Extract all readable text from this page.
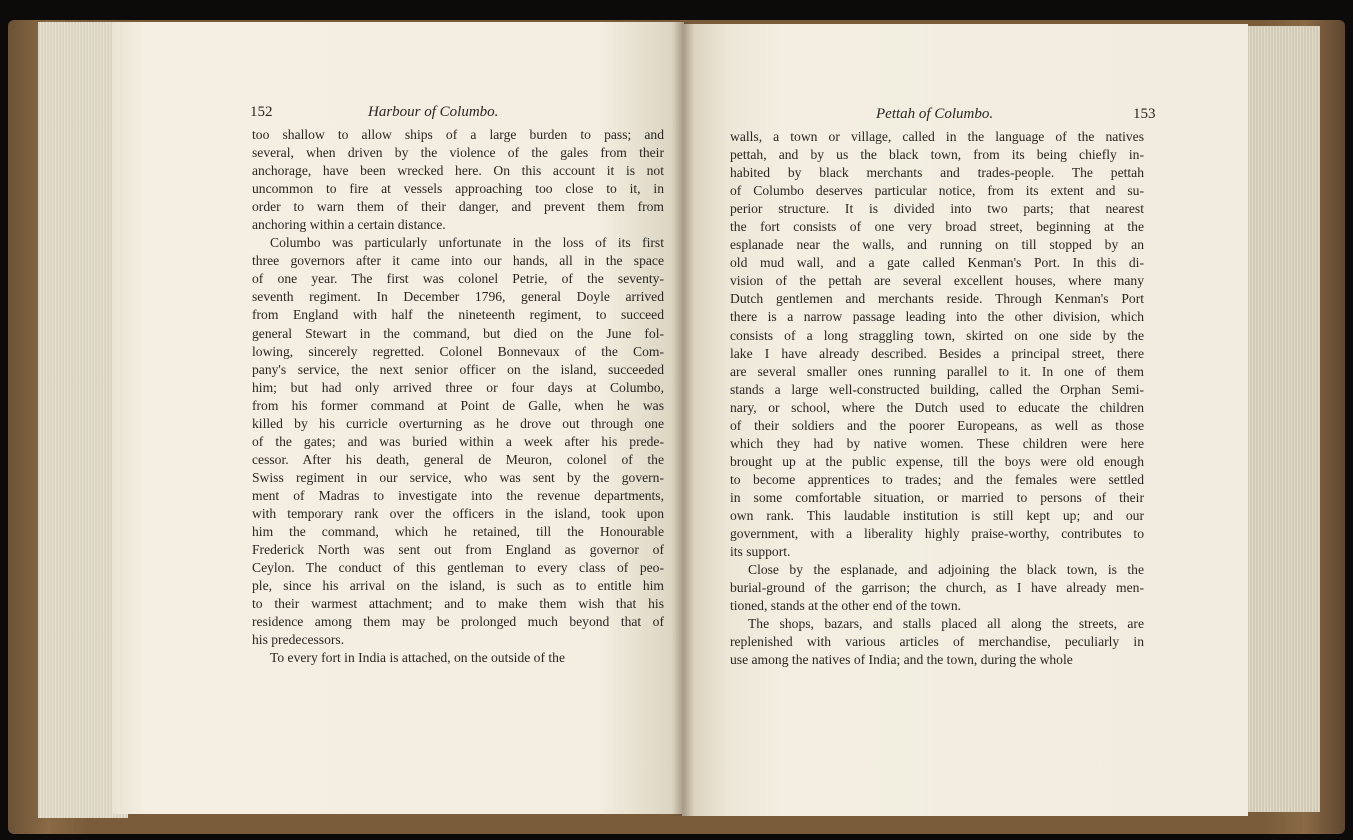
152	Harbour of Columbo.
too shallow to allow ships of a large burden to pass; and
several, when driven by the violence of the gales from their
anchorage, have been wrecked here. On this account it is not
uncommon to fire at vessels approaching too close to it, in
order to warn them of their danger, and prevent them from
anchoring within a certain distance.
Columbo was particularly unfortunate in the loss of its first
three governors after it came into our hands, all in the space
of one year. The first was colonel Petrie, of the seventy-
seventh regiment. In December 1796, general Doyle arrived
from England with half the nineteenth regiment, to succeed
general Stewart in the command, but died on the June fol-
lowing, sincerely regretted. Colonel Bonnevaux of the Com-
pany's service, the next senior officer on the island, succeeded
him; but had only arrived three or four days at Columbo,
from his former command at Point de Galle, when he was
killed by his curricle overturning as he drove out through one
of the gates; and was buried within a week after his prede-
cessor. After his death, general de Meuron, colonel of the
Swiss regiment in our service, who was sent by the govern-
ment of Madras to investigate into the revenue departments,
with temporary rank over the officers in the island, took upon
him the command, which he retained, till the Honourable
Frederick North was sent out from England as governor of
Ceylon. The conduct of this gentleman to every class of peo-
ple, since his arrival on the island, is such as to entitle him
to their warmest attachment; and to make them wish that his
residence among them may be prolonged much beyond that of
his predecessors.
To every fort in India is attached, on the outside of the
Pettah of Columbo.	153
walls, a town or village, called in the language of the natives
pettah, and by us the black town, from its being chiefly in-
habited by black merchants and trades-people. The pettah
of Columbo deserves particular notice, from its extent and su-
perior structure. It is divided into two parts; that nearest
the fort consists of one very broad street, beginning at the
esplanade near the walls, and running on till stopped by an
old mud wall, and a gate called Kenman's Port. In this di-
vision of the pettah are several excellent houses, where many
Dutch gentlemen and merchants reside. Through Kenman's Port
there is a narrow passage leading into the other division, which
consists of a long straggling town, skirted on one side by the
lake I have already described. Besides a principal street, there
are several smaller ones running parallel to it. In one of them
stands a large well-constructed building, called the Orphan Semi-
nary, or school, where the Dutch used to educate the children
of their soldiers and the poorer Europeans, as well as those
which they had by native women. These children were here
brought up at the public expense, till the boys were old enough
to become apprentices to trades; and the females were settled
in some comfortable situation, or married to persons of their
own rank. This laudable institution is still kept up; and our
government, with a liberality highly praise-worthy, contributes to
its support.
Close by the esplanade, and adjoining the black town, is the
burial-ground of the garrison; the church, as I have already men-
tioned, stands at the other end of the town.
The shops, bazars, and stalls placed all along the streets, are
replenished with various articles of merchandise, peculiarly in
use among the natives of India; and the town, during the whole
